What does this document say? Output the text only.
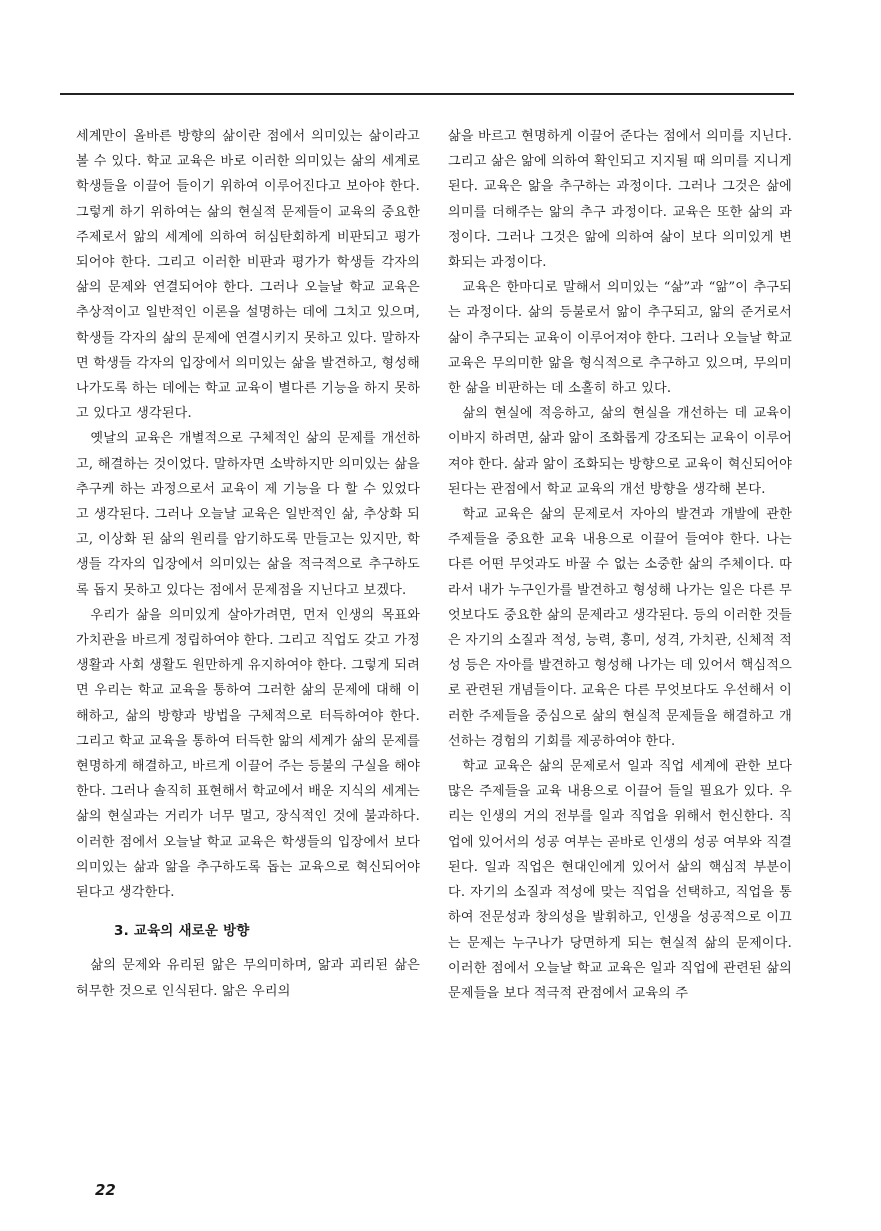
세계만이 올바른 방향의 삶이란 점에서 의미있는 삶이라고 볼 수 있다. 학교 교육은 바로 이러한 의미있는 삶의 세계로 학생들을 이끌어 들이기 위하여 이루어진다고 보아야 한다. 그렇게 하기 위하여는 삶의 현실적 문제들이 교육의 중요한 주제로서 앎의 세계에 의하여 허심탄회하게 비판되고 평가되어야 한다. 그리고 이러한 비판과 평가가 학생들 각자의 삶의 문제와 연결되어야 한다. 그러나 오늘날 학교 교육은 추상적이고 일반적인 이론을 설명하는 데에 그치고 있으며, 학생들 각자의 삶의 문제에 연결시키지 못하고 있다. 말하자면 학생들 각자의 입장에서 의미있는 삶을 발견하고, 형성해 나가도록 하는 데에는 학교 교육이 별다른 기능을 하지 못하고 있다고 생각된다.

옛날의 교육은 개별적으로 구체적인 삶의 문제를 개선하고, 해결하는 것이었다. 말하자면 소박하지만 의미있는 삶을 추구케 하는 과정으로서 교육이 제 기능을 다 할 수 있었다고 생각된다. 그러나 오늘날 교육은 일반적인 삶, 추상화 되고, 이상화 된 삶의 원리를 암기하도록 만들고는 있지만, 학생들 각자의 입장에서 의미있는 삶을 적극적으로 추구하도록 돕지 못하고 있다는 점에서 문제점을 지닌다고 보겠다.

우리가 삶을 의미있게 살아가려면, 먼저 인생의 목표와 가치관을 바르게 정립하여야 한다. 그리고 직업도 갖고 가정 생활과 사회 생활도 원만하게 유지하여야 한다. 그렇게 되려면 우리는 학교 교육을 통하여 그러한 삶의 문제에 대해 이해하고, 삶의 방향과 방법을 구체적으로 터득하여야 한다. 그리고 학교 교육을 통하여 터득한 앎의 세계가 삶의 문제를 현명하게 해결하고, 바르게 이끌어 주는 등불의 구실을 해야 한다. 그러나 솔직히 표현해서 학교에서 배운 지식의 세계는 삶의 현실과는 거리가 너무 멀고, 장식적인 것에 불과하다. 이러한 점에서 오늘날 학교 교육은 학생들의 입장에서 보다 의미있는 삶과 앎을 추구하도록 돕는 교육으로 혁신되어야 된다고 생각한다.

3. 교육의 새로운 방향

삶의 문제와 유리된 앎은 무의미하며, 앎과 괴리된 삶은 허무한 것으로 인식된다. 앎은 우리의

삶을 바르고 현명하게 이끌어 준다는 점에서 의미를 지닌다. 그리고 삶은 앎에 의하여 확인되고 지지될 때 의미를 지니게 된다. 교육은 앎을 추구하는 과정이다. 그러나 그것은 삶에 의미를 더해주는 앎의 추구 과정이다. 교육은 또한 삶의 과정이다. 그러나 그것은 앎에 의하여 삶이 보다 의미있게 변화되는 과정이다.

교육은 한마디로 말해서 의미있는 “삶”과 “앎”이 추구되는 과정이다. 삶의 등불로서 앎이 추구되고, 앎의 준거로서 삶이 추구되는 교육이 이루어져야 한다. 그러나 오늘날 학교 교육은 무의미한 앎을 형식적으로 추구하고 있으며, 무의미한 삶을 비판하는 데 소홀히 하고 있다.

삶의 현실에 적응하고, 삶의 현실을 개선하는 데 교육이 이바지 하려면, 삶과 앎이 조화롭게 강조되는 교육이 이루어져야 한다. 삶과 앎이 조화되는 방향으로 교육이 혁신되어야 된다는 관점에서 학교 교육의 개선 방향을 생각해 본다.

학교 교육은 삶의 문제로서 자아의 발견과 개발에 관한 주제들을 중요한 교육 내용으로 이끌어 들여야 한다. 나는 다른 어떤 무엇과도 바꿀 수 없는 소중한 삶의 주체이다. 따라서 내가 누구인가를 발견하고 형성해 나가는 일은 다른 무엇보다도 중요한 삶의 문제라고 생각된다. 등의 이러한 것들은 자기의 소질과 적성, 능력, 흥미, 성격, 가치관, 신체적 적성 등은 자아를 발견하고 형성해 나가는 데 있어서 핵심적으로 관련된 개념들이다. 교육은 다른 무엇보다도 우선해서 이러한 주제들을 중심으로 삶의 현실적 문제들을 해결하고 개선하는 경험의 기회를 제공하여야 한다.

학교 교육은 삶의 문제로서 일과 직업 세계에 관한 보다 많은 주제들을 교육 내용으로 이끌어 들일 필요가 있다. 우리는 인생의 거의 전부를 일과 직업을 위해서 헌신한다. 직업에 있어서의 성공 여부는 곧바로 인생의 성공 여부와 직결된다. 일과 직업은 현대인에게 있어서 삶의 핵심적 부분이다. 자기의 소질과 적성에 맞는 직업을 선택하고, 직업을 통하여 전문성과 창의성을 발휘하고, 인생을 성공적으로 이끄는 문제는 누구나가 당면하게 되는 현실적 삶의 문제이다. 이러한 점에서 오늘날 학교 교육은 일과 직업에 관련된 삶의 문제들을 보다 적극적 관점에서 교육의 주

22
